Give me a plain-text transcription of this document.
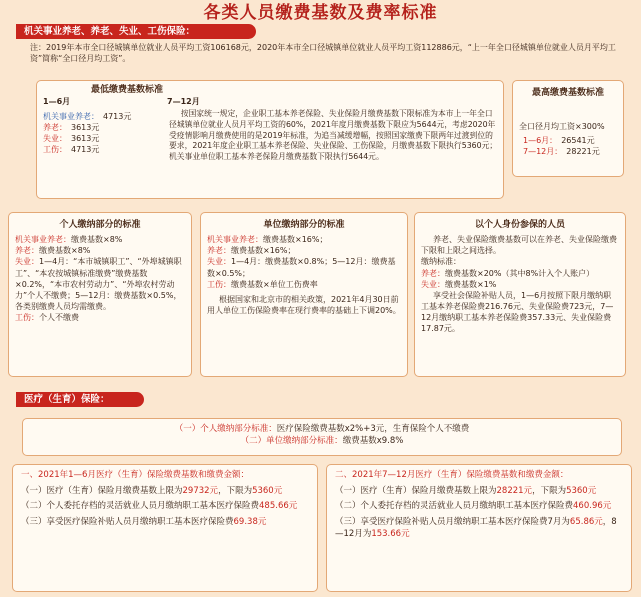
各类人员缴费基数及费率标准
机关事业养老、养老、失业、工伤保险：
注：2019年本市全口径城镇单位就业人员平均工资106168元，2020年本市全口径城镇单位就业人员平均工资112886元，“上一年全口径城镇单位就业人员月平均工资”简称“全口径月均工资”。
最低缴费基数标准
1—6月	7—12月
机关事业养老： 4713元
养老： 3613元
失业： 3613元
工伤： 4713元
按国家统一规定，企业职工基本养老保险、失业保险月缴费基数下限标准为本市上一年全口径城镇单位就业人员月平均工资的60%，2021年度月缴费基数下限应为5644元，考虑2020年受疫情影响月缴费使用的是2019年标准，为追当减缓增幅，按照国家缴费下限两年过渡到位的要求，2021年度企业职工基本养老保险、失业保险、工伤保险，月缴费基数下限执行5360元；机关事业单位职工基本养老保险月缴费基数下限执行5644元。
最高缴费基数标准
全口径月均工资×300%
1—6月： 26541元
7—12月： 28221元
个人缴纳部分的标准
机关事业养老：缴费基数×8%
养老：缴费基数×8%
失业：1—4月：“本市城镇职工”、“外埠城镇职工”、“本农按城镇标准缴费”缴费基数×0.2%，“本市农村劳动力”、“外埠农村劳动力”个人不缴费；5—12月：缴费基数×0.5%，各类别缴费人员均需缴费。
工伤：个人不缴费
单位缴纳部分的标准
机关事业养老：缴费基数×16%；
养老：缴费基数×16%；
失业：1—4月：缴费基数×0.8%；5—12月：缴费基数×0.5%；
工伤：缴费基数×单位工伤费率
根据国家和北京市的相关政策，2021年4月30日前用人单位工伤保险费率在现行费率的基础上下调20%。
以个人身份参保的人员
养老、失业保险缴费基数可以在养老、失业保险缴费下限和上限之间选择。
缴纳标准：
养老：缴费基数×20%（其中8%计入个人账户）
失业：缴费基数×1%
享受社会保险补贴人员，1—6月按照下限月缴纳职工基本养老保险费216.76元、失业保险费723元，7—12月缴纳职工基本养老保险费357.33元、失业保险费17.87元。
医疗（生育）保险：
（一）个人缴纳部分标准：医疗保险缴费基数x2%+3元，生育保险个人不缴费
（二）单位缴纳部分标准：缴费基数x9.8%
一、2021年1—6月医疗（生育）保险缴费基数和缴费金额：
（一）医疗（生育）保险月缴费基数上限为29732元，下限为5360元
（二）个人委托存档的灵活就业人员月缴纳职工基本医疗保险费485.66元
（三）享受医疗保险补贴人员月缴纳职工基本医疗保险费69.38元
二、2021年7—12月医疗（生育）保险缴费基数和缴费金额：
（一）医疗（生育）保险月缴费基数上限为28221元，下限为5360元
（二）个人委托存档的灵活就业人员月缴纳职工基本医疗保险费460.96元
（三）享受医疗保险补贴人员月缴纳职工基本医疗保险费7月为65.86元，8—12月为153.66元
